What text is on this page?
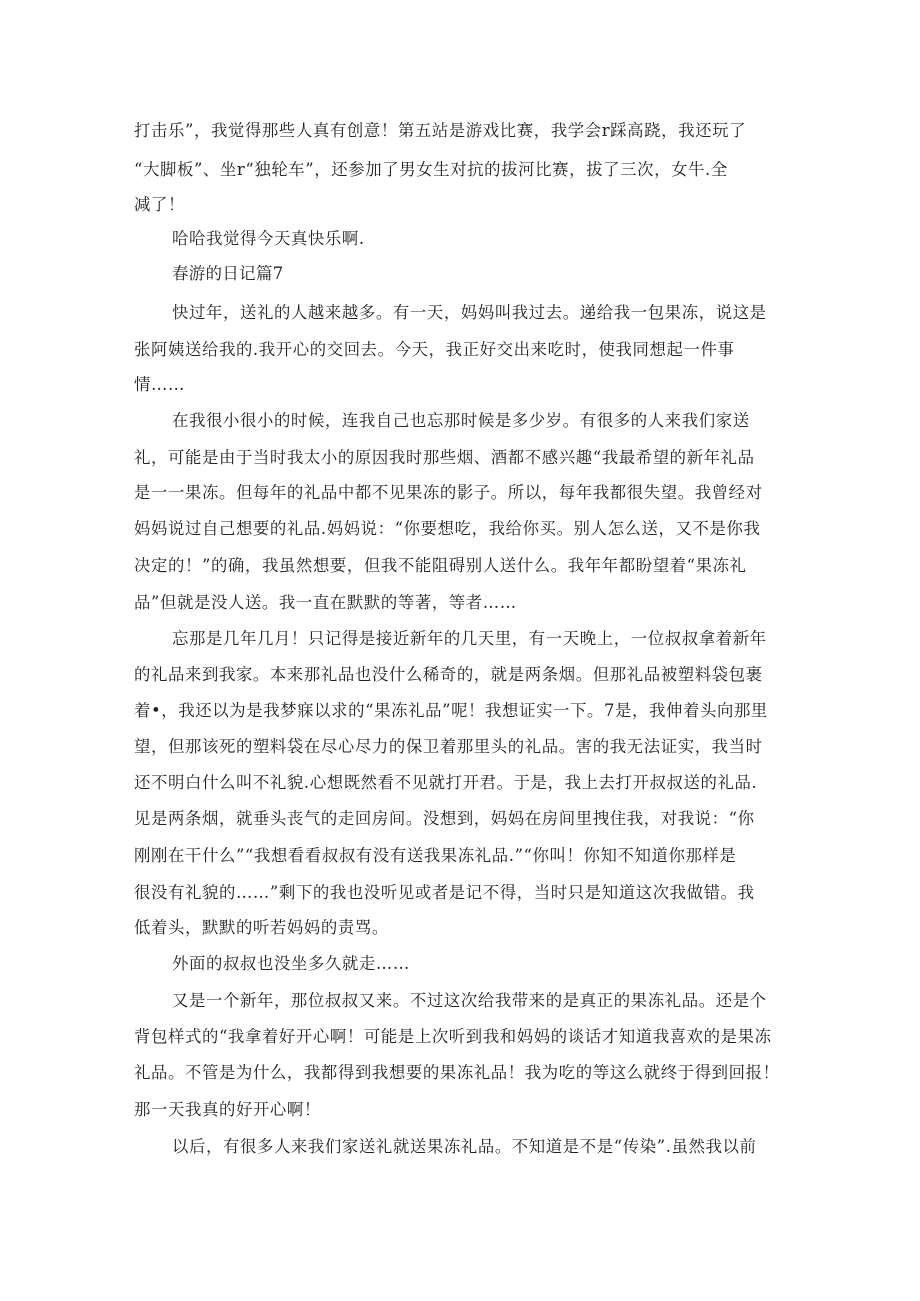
打击乐”，我觉得那些人真有创意！第五站是游戏比赛，我学会r踩高跷，我还玩了
“大脚板”、坐r“独轮车”，还参加了男女生对抗的拔河比赛，拔了三次，女牛.全
减了！
哈哈我觉得今天真快乐啊.
春游的日记篇7
快过年，送礼的人越来越多。有一天，妈妈叫我过去。递给我一包果冻，说这是
张阿姨送给我的.我开心的交回去。今天，我正好交出来吃时，使我同想起一件事
情……
在我很小很小的时候，连我自己也忘那时候是多少岁。有很多的人来我们家送
礼，可能是由于当时我太小的原因我时那些烟、酒都不感兴趣“我最希望的新年礼品
是一一果冻。但每年的礼品中都不见果冻的影子。所以，每年我都很失望。我曾经对
妈妈说过自己想要的礼品.妈妈说：“你要想吃，我给你买。别人怎么送，又不是你我
决定的！”的确，我虽然想要，但我不能阻碍别人送什么。我年年都盼望着“果冻礼
品”但就是没人送。我一直在默默的等著，等者……
忘那是几年几月！只记得是接近新年的几天里，有一天晚上，一位叔叔拿着新年
的礼品来到我家。本来那礼品也没什么稀奇的，就是两条烟。但那礼品被塑料袋包裹
着•，我还以为是我梦寐以求的“果冻礼品”呢！我想证实一下。7是，我伸着头向那里
望，但那该死的塑料袋在尽心尽力的保卫着那里头的礼品。害的我无法证实，我当时
还不明白什么叫不礼貌.心想既然看不见就打开君。于是，我上去打开叔叔送的礼品.
见是两条烟，就垂头丧气的走回房间。没想到，妈妈在房间里拽住我，对我说：“你
刚刚在干什么”“我想看看叔叔有没有送我果冻礼品.”“你叫！你知不知道你那样是
很没有礼貌的……”剩下的我也没听见或者是记不得，当时只是知道这次我做错。我
低着头，默默的听若妈妈的责骂。
外面的叔叔也没坐多久就走……
又是一个新年，那位叔叔又来。不过这次给我带来的是真正的果冻礼品。还是个
背包样式的“我拿着好开心啊！可能是上次听到我和妈妈的谈话才知道我喜欢的是果冻
礼品。不管是为什么，我都得到我想要的果冻礼品！我为吃的等这么就终于得到回报！
那一天我真的好开心啊！
以后，有很多人来我们家送礼就送果冻礼品。不知道是不是“传染”.虽然我以前
